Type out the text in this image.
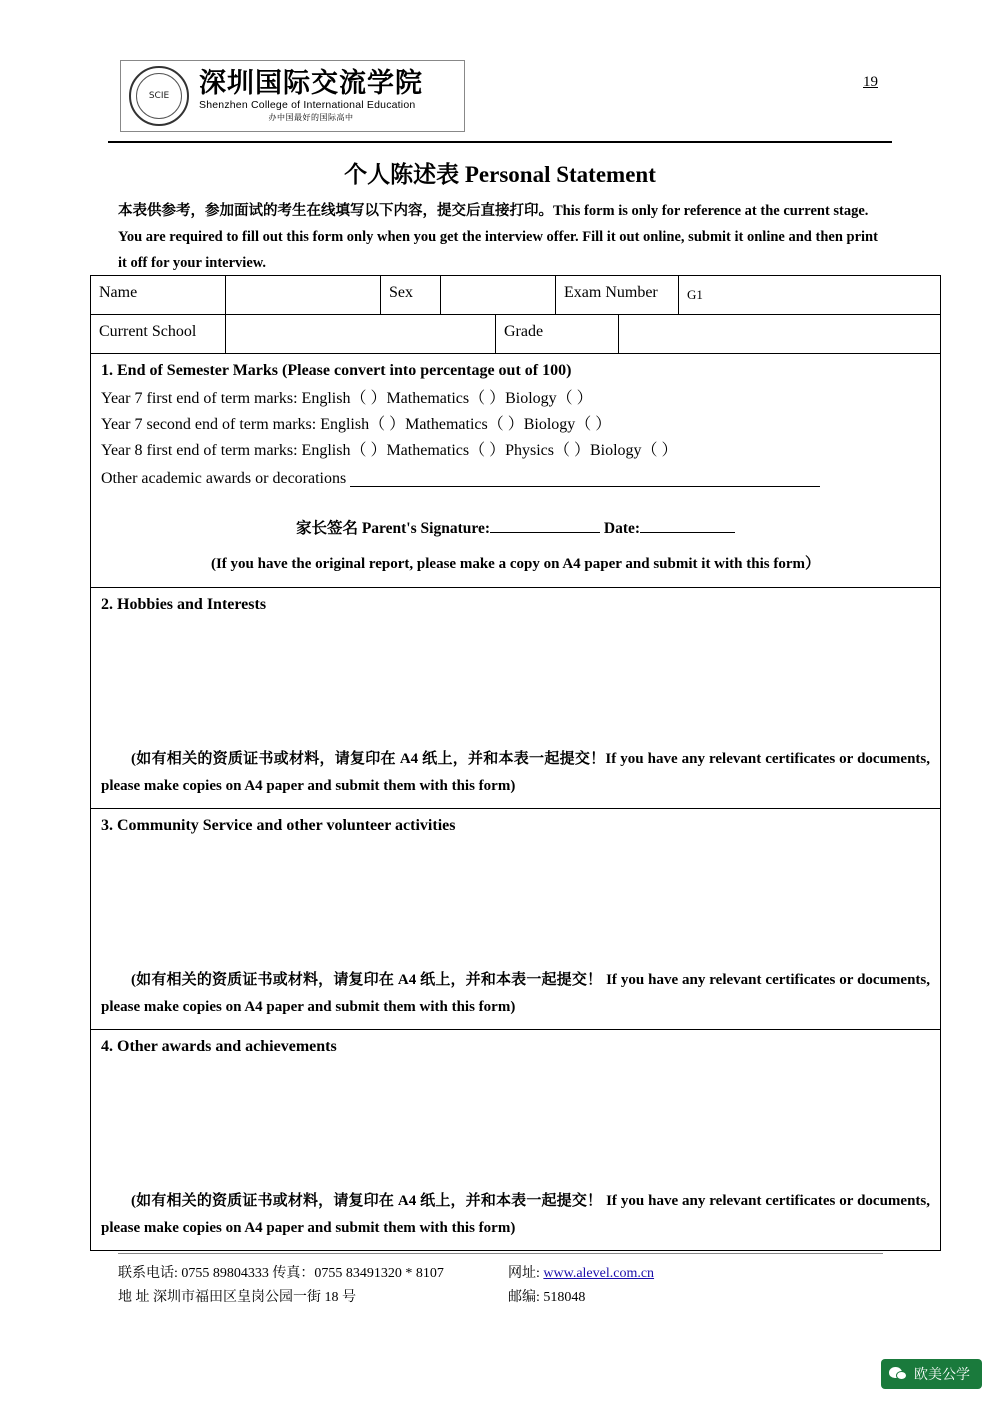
SCIE 深圳国际交流学院
Shenzhen College of International Education
办中国最好的国际高中
19
个人陈述表 Personal Statement
本表供参考，参加面试的考生在线填写以下内容，提交后直接打印。This form is only for reference at the current stage. You are required to fill out this form only when you get the interview offer. Fill it out online, submit it online and then print it off for your interview.
Name	Sex	Exam Number	G1
Current School	Grade
1. End of Semester Marks (Please convert into percentage out of 100)
Year 7 first end of term marks: English（ ）Mathematics（ ）Biology（ ）
Year 7 second end of term marks: English（ ）Mathematics（ ）Biology（ ）
Year 8 first end of term marks: English（ ）Mathematics（ ）Physics（ ）Biology（ ）
Other academic awards or decorations
家长签名 Parent's Signature:	Date:
(If you have the original report, please make a copy on A4 paper and submit it with this form）
2. Hobbies and Interests
(如有相关的资质证书或材料，请复印在 A4 纸上，并和本表一起提交！If you have any relevant certificates or documents, please make copies on A4 paper and submit them with this form)
3. Community Service and other volunteer activities
(如有相关的资质证书或材料，请复印在 A4 纸上，并和本表一起提交！ If you have any relevant certificates or documents, please make copies on A4 paper and submit them with this form)
4. Other awards and achievements
(如有相关的资质证书或材料，请复印在 A4 纸上，并和本表一起提交！ If you have any relevant certificates or documents, please make copies on A4 paper and submit them with this form)
联系电话: 0755 89804333 传真：0755 83491320 * 8107	网址: www.alevel.com.cn
地 址 深圳市福田区皇岗公园一街 18 号	邮编: 518048
欧美公学
